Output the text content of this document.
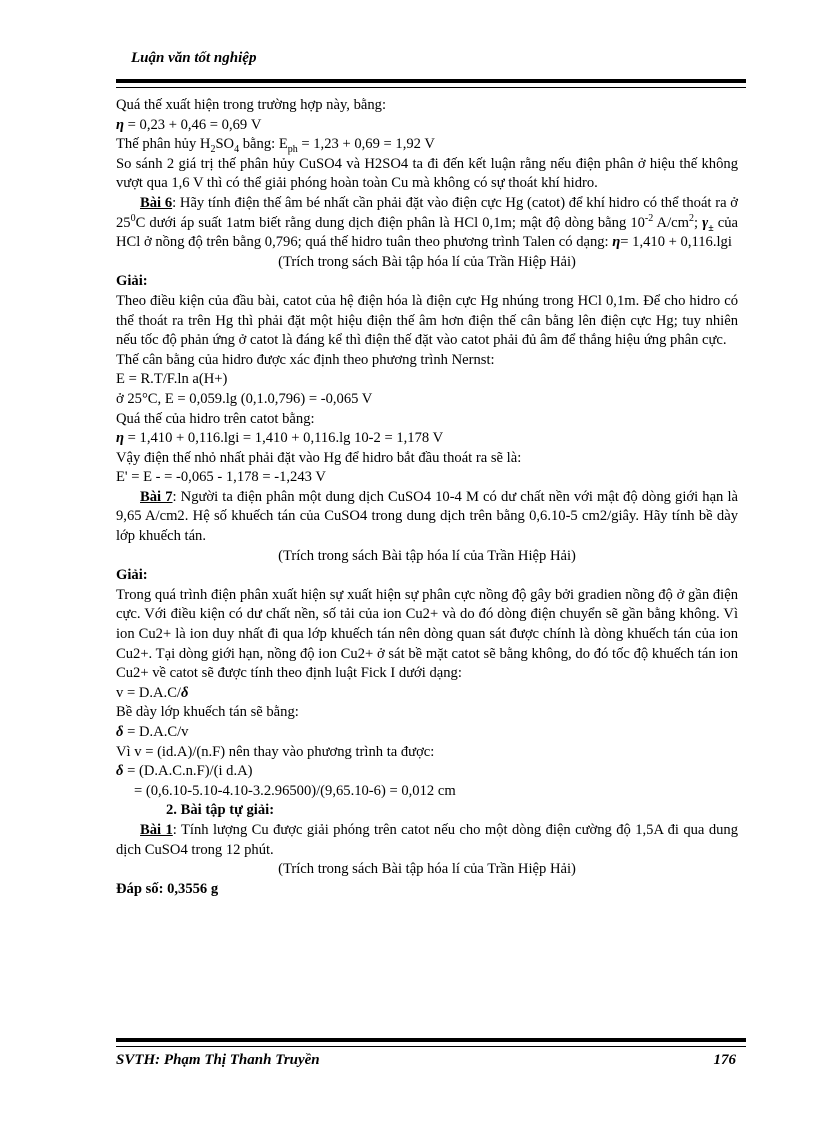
Luận văn tốt nghiệp

Quá thế xuất hiện trong trường hợp này, bằng:

η = 0,23 + 0,46 = 0,69 V

Thế phân hủy $H_2SO_4$ bằng: $E_{ph} = 1,23 + 0,69 = 1,92$ V

So sánh 2 giá trị thế phân hủy CuSO4 và H2SO4 ta đi đến kết luận rằng nếu điện phân ở hiệu thế không vượt qua 1,6 V thì có thể giải phóng hoàn toàn Cu mà không có sự thoát khí hidro.

Bài 6: Hãy tính điện thế âm bé nhất cần phải đặt vào điện cực Hg (catot) để khí hidro có thể thoát ra ở $25^0C$ dưới áp suất 1atm biết rằng dung dịch điện phân là HCl 0,1m; mật độ dòng bằng $10^{-2}$ $A/cm^2$; $\gamma_\pm$ của HCl ở nồng độ trên bằng 0,796; quá thế hidro tuân theo phương trình Talen có dạng: η= 1,410 + 0,116.lgi

(Trích trong sách Bài tập hóa lí của Trần Hiệp Hải)

Giải:

Theo điều kiện của đầu bài, catot của hệ điện hóa là điện cực Hg nhúng trong HCl 0,1m. Để cho hidro có thể thoát ra trên Hg thì phải đặt một hiệu điện thế âm hơn điện thế cân bằng lên điện cực Hg; tuy nhiên nếu tốc độ phản ứng ở catot là đáng kể thì điện thế đặt vào catot phải đủ âm để thắng hiệu ứng phân cực.

Thế cân bằng của hidro được xác định theo phương trình Nernst:

E = R.T/F.ln a(H+)

ở 25°C, E = 0,059.lg (0,1.0,796) = -0,065 V

Quá thế của hidro trên catot bằng:

η = 1,410 + 0,116.lgi = 1,410 + 0,116.lg 10-2 = 1,178 V

Vậy điện thế nhỏ nhất phải đặt vào Hg để hidro bắt đầu thoát ra sẽ là:

E' = E - = -0,065 - 1,178 = -1,243 V

Bài 7: Người ta điện phân một dung dịch CuSO4 10-4 M có dư chất nền với mật độ dòng giới hạn là 9,65 A/cm2. Hệ số khuếch tán của CuSO4 trong dung dịch trên bằng 0,6.10-5 cm2/giây. Hãy tính bề dày lớp khuếch tán.

(Trích trong sách Bài tập hóa lí của Trần Hiệp Hải)

Giải:

Trong quá trình điện phân xuất hiện sự xuất hiện sự phân cực nồng độ gây bởi gradien nồng độ ở gần điện cực. Với điều kiện có dư chất nền, số tải của ion Cu2+ và do đó dòng điện chuyển sẽ gần bằng không. Vì ion Cu2+ là ion duy nhất đi qua lớp khuếch tán nên dòng quan sát được chính là dòng khuếch tán của ion Cu2+. Tại dòng giới hạn, nồng độ ion Cu2+ ở sát bề mặt catot sẽ bằng không, do đó tốc độ khuếch tán ion Cu2+ về catot sẽ được tính theo định luật Fick I dưới dạng:

v = D.A.C/δ

Bề dày lớp khuếch tán sẽ bằng:

δ = D.A.C/v

Vì v = (id.A)/(n.F) nên thay vào phương trình ta được:

δ = (D.A.C.n.F)/(i d.A)

= (0,6.10-5.10-4.10-3.2.96500)/(9,65.10-6) = 0,012 cm

2. Bài tập tự giải:

Bài 1: Tính lượng Cu được giải phóng trên catot nếu cho một dòng điện cường độ 1,5A đi qua dung dịch CuSO4 trong 12 phút.

(Trích trong sách Bài tập hóa lí của Trần Hiệp Hải)

Đáp số: 0,3556 g

SVTH: Phạm Thị Thanh Truyền	176
